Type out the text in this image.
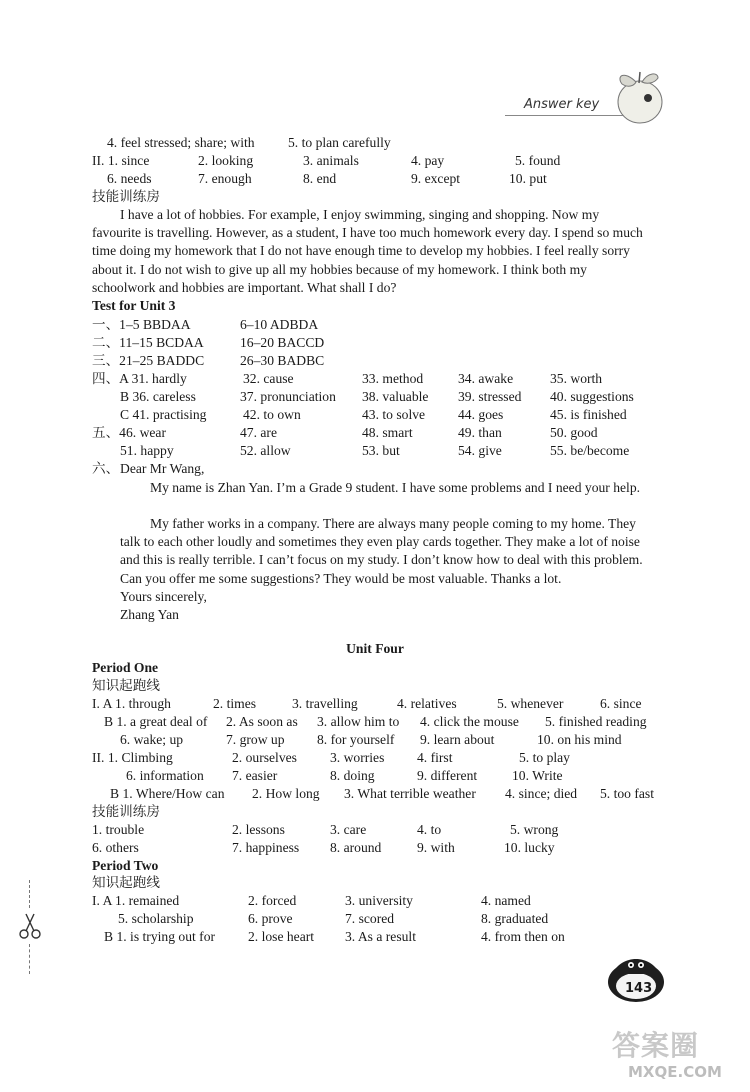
Answer key
4. feel stressed; share; with 5. to plan carefully
II. 1. since	2. looking	3. animals	4. pay	5. found
6. needs	7. enough	8. end	9. except	10. put
技能训练房
I have a lot of hobbies. For example, I enjoy swimming, singing and shopping. Now my favourite is travelling. However, as a student, I have too much homework every day. I spend so much time doing my homework that I do not have enough time to develop my hobbies. I feel really sorry about it. I do not wish to give up all my hobbies because of my homework. I think both my schoolwork and hobbies are important. What shall I do?
Test for Unit 3
一、1–5 BBDAA	6–10 ADBDA
二、11–15 BCDAA	16–20 BACCD
三、21–25 BADDC	26–30 BADBC
四、A 31. hardly	32. cause	33. method	34. awake	35. worth
B 36. careless	37. pronunciation 38. valuable 39. stressed 40. suggestions
C 41. practising	42. to own	43. to solve 44. goes	45. is finished
五、46. wear	47. are	48. smart	49. than	50. good
51. happy	52. allow	53. but	54. give	55. be/become
六、 Dear Mr Wang,
My name is Zhan Yan. I’m a Grade 9 student. I have some problems and I need your help.
My father works in a company. There are always many people coming to my home. They talk to each other loudly and sometimes they even play cards together. They make a lot of noise and this is really terrible. I can’t focus on my study. I don’t know how to deal with this problem. Can you offer me some suggestions? They would be most valuable. Thanks a lot.
Yours sincerely,
Zhang Yan
Unit Four
Period One
知识起跑线
I. A 1. through	2. times	3. travelling	4. relatives	5. whenever	6. since
B 1. a great deal of 2. As soon as 3. allow him to 4. click the mouse 5. finished reading
6. wake; up	7. grow up 8. for yourself 9. learn about	10. on his mind
II. 1. Climbing	2. ourselves 3. worries 4. first	5. to play
6. information 7. easier	8. doing	9. different	10. Write
B 1. Where/How can 2. How long 3. What terrible weather 4. since; died 5. too fast
技能训练房
1. trouble	2. lessons	3. care	4. to	5. wrong
6. others	7. happiness 8. around	9. with	10. lucky
Period Two
知识起跑线
I. A 1. remained	2. forced	3. university	4. named
5. scholarship	6. prove	7. scored	8. graduated
B 1. is trying out for 2. lose heart 3. As a result	4. from then on
143
答案圈
MXQE.COM
